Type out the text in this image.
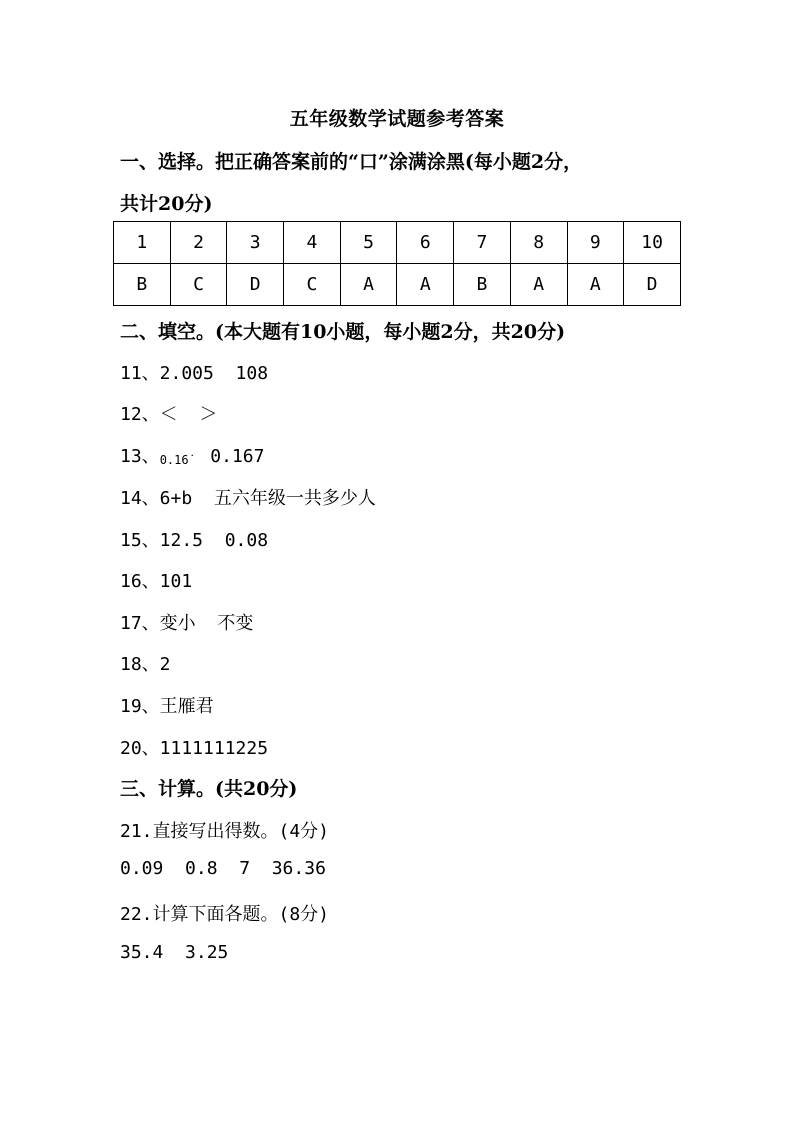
五年级数学试题参考答案
一、选择。把正确答案前的“口”涂满涂黑(每小题2分，
共计20分)
1	2	3	4	5	6	7	8	9	10
B	C	D	C	A	A	B	A	A	D
二、填空。(本大题有10小题，每小题2分，共20分)
11、2.005  108
12、＜  ＞
13、0.16̇  0.167
14、6+b  五六年级一共多少人
15、12.5  0.08
16、101
17、变小  不变
18、2
19、王雁君
20、1111111225
三、计算。(共20分)
21.直接写出得数。(4分)
0.09  0.8  7  36.36
22.计算下面各题。(8分)
35.4  3.25
